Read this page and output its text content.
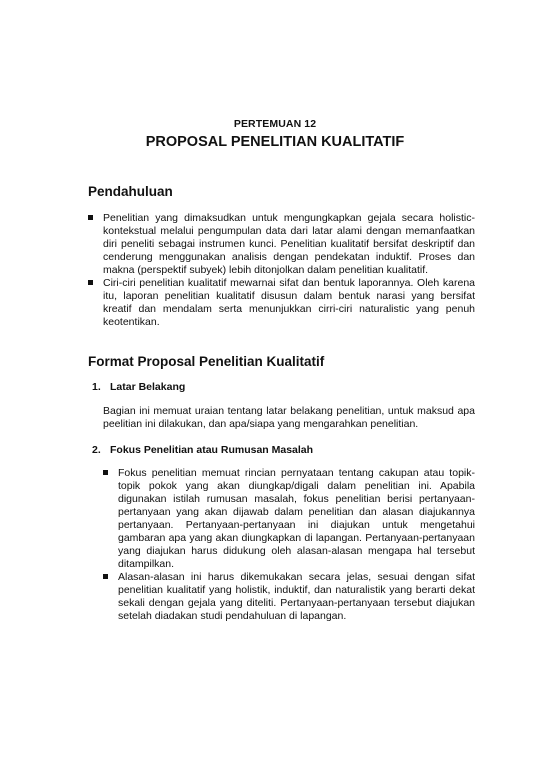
PERTEMUAN 12
PROPOSAL PENELITIAN KUALITATIF
Pendahuluan
Penelitian yang dimaksudkan untuk mengungkapkan gejala secara holistic-kontekstual melalui pengumpulan data dari latar alami dengan memanfaatkan diri peneliti sebagai instrumen kunci. Penelitian kualitatif bersifat deskriptif dan cenderung menggunakan analisis dengan pendekatan induktif. Proses dan makna (perspektif subyek) lebih ditonjolkan dalam penelitian kualitatif.
Ciri-ciri penelitian kualitatif mewarnai sifat dan bentuk laporannya. Oleh karena itu, laporan penelitian kualitatif disusun dalam bentuk narasi yang bersifat kreatif dan mendalam serta menunjukkan cirri-ciri naturalistic yang penuh keotentikan.
Format Proposal Penelitian Kualitatif
1. Latar Belakang

Bagian ini memuat uraian tentang latar belakang penelitian, untuk maksud apa peelitian ini dilakukan, dan apa/siapa yang mengarahkan penelitian.

2. Fokus Penelitian atau Rumusan Masalah
Fokus penelitian memuat rincian pernyataan tentang cakupan atau topik-topik pokok yang akan diungkap/digali dalam penelitian ini. Apabila digunakan istilah rumusan masalah, fokus penelitian berisi pertanyaan-pertanyaan yang akan dijawab dalam penelitian dan alasan diajukannya pertanyaan. Pertanyaan-pertanyaan ini diajukan untuk mengetahui gambaran apa yang akan diungkapkan di lapangan. Pertanyaan-pertanyaan yang diajukan harus didukung oleh alasan-alasan mengapa hal tersebut ditampilkan.
Alasan-alasan ini harus dikemukakan secara jelas, sesuai dengan sifat penelitian kualitatif yang holistik, induktif, dan naturalistik yang berarti dekat sekali dengan gejala yang diteliti. Pertanyaan-pertanyaan tersebut diajukan setelah diadakan studi pendahuluan di lapangan.
